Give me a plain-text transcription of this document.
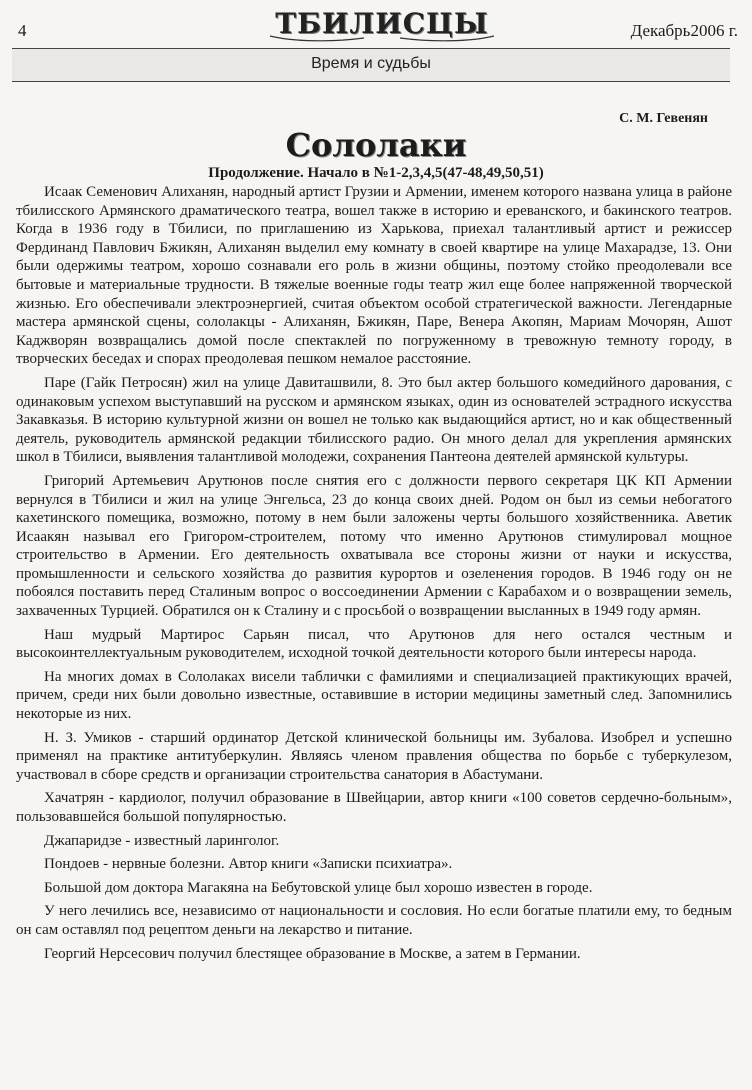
4	ТБИЛИСЦЫ	Декабрь2006 г.
Время и судьбы
С. М. Гевенян
Сололаки

Продолжение. Начало в №1-2,3,4,5(47-48,49,50,51)

Исаак Семенович Алиханян, народный артист Грузии и Армении, именем которого названа улица в районе тбилисского Армянского драматического театра, вошел также в историю и ереванского, и бакинского театров. Когда в 1936 году в Тбилиси, по приглашению из Харькова, приехал талантливый артист и режиссер Фердинанд Павлович Бжикян, Алиханян выделил ему комнату в своей квартире на улице Махарадзе, 13. Они были одержимы театром, хорошо сознавали его роль в жизни общины, поэтому стойко преодолевали все бытовые и материальные трудности. В тяжелые военные годы театр жил еще более напряженной творческой жизнью. Его обеспечивали электроэнергией, считая объектом особой стратегической важности. Легендарные мастера армянской сцены, сололакцы - Алиханян, Бжикян, Паре, Венера Акопян, Мариам Мочорян, Ашот Каджворян возвращались домой после спектаклей по погруженному в тревожную темноту городу, в творческих беседах и спорах преодолевая пешком немалое расстояние.

Паре (Гайк Петросян) жил на улице Давиташвили, 8. Это был актер большого комедийного дарования, с одинаковым успехом выступавший на русском и армянском языках, один из основателей эстрадного искусства Закавказья. В историю культурной жизни он вошел не только как выдающийся артист, но и как общественный деятель, руководитель армянской редакции тбилисского радио. Он много делал для укрепления армянских школ в Тбилиси, выявления талантливой молодежи, сохранения Пантеона деятелей армянской культуры.

Григорий Артемьевич Арутюнов после снятия его с должности первого секретаря ЦК КП Армении вернулся в Тбилиси и жил на улице Энгельса, 23 до конца своих дней. Родом он был из семьи небогатого кахетинского помещика, возможно, потому в нем были заложены черты большого хозяйственника. Аветик Исаакян называл его Григором-строителем, потому что именно Арутюнов стимулировал мощное строительство в Армении. Его деятельность охватывала все стороны жизни от науки и искусства, промышленности и сельского хозяйства до развития курортов и озеленения городов. В 1946 году он не побоялся поставить перед Сталиным вопрос о воссоединении Армении с Карабахом и о возвращении земель, захваченных Турцией. Обратился он к Сталину и с просьбой о возвращении высланных в 1949 году армян.

Наш мудрый Мартирос Сарьян писал, что Арутюнов для него остался честным и высокоинтеллектуальным руководителем, исходной точкой деятельности которого были интересы народа.

На многих домах в Сололаках висели таблички с фамилиями и специализацией практикующих врачей, причем, среди них были довольно известные, оставившие в истории медицины заметный след. Запомнились некоторые из них.

Н. З. Умиков - старший ординатор Детской клинической больницы им. Зубалова. Изобрел и успешно применял на практике антитуберкулин. Являясь членом правления общества по борьбе с туберкулезом, участвовал в сборе средств и организации строительства санатория в Абастумани.

Хачатрян - кардиолог, получил образование в Швейцарии, автор книги «100 советов сердечно-больным», пользовавшейся большой популярностью.

Джапаридзе - известный ларинголог.

Пондоев - нервные болезни. Автор книги «Записки психиатра».

Большой дом доктора Магакяна на Бебутовской улице был хорошо известен в городе.

У него лечились все, независимо от национальности и сословия. Но если богатые платили ему, то бедным он сам оставлял под рецептом деньги на лекарство и питание.

Георгий Нерсесович получил блестящее образование в Москве, а затем в Германии.
